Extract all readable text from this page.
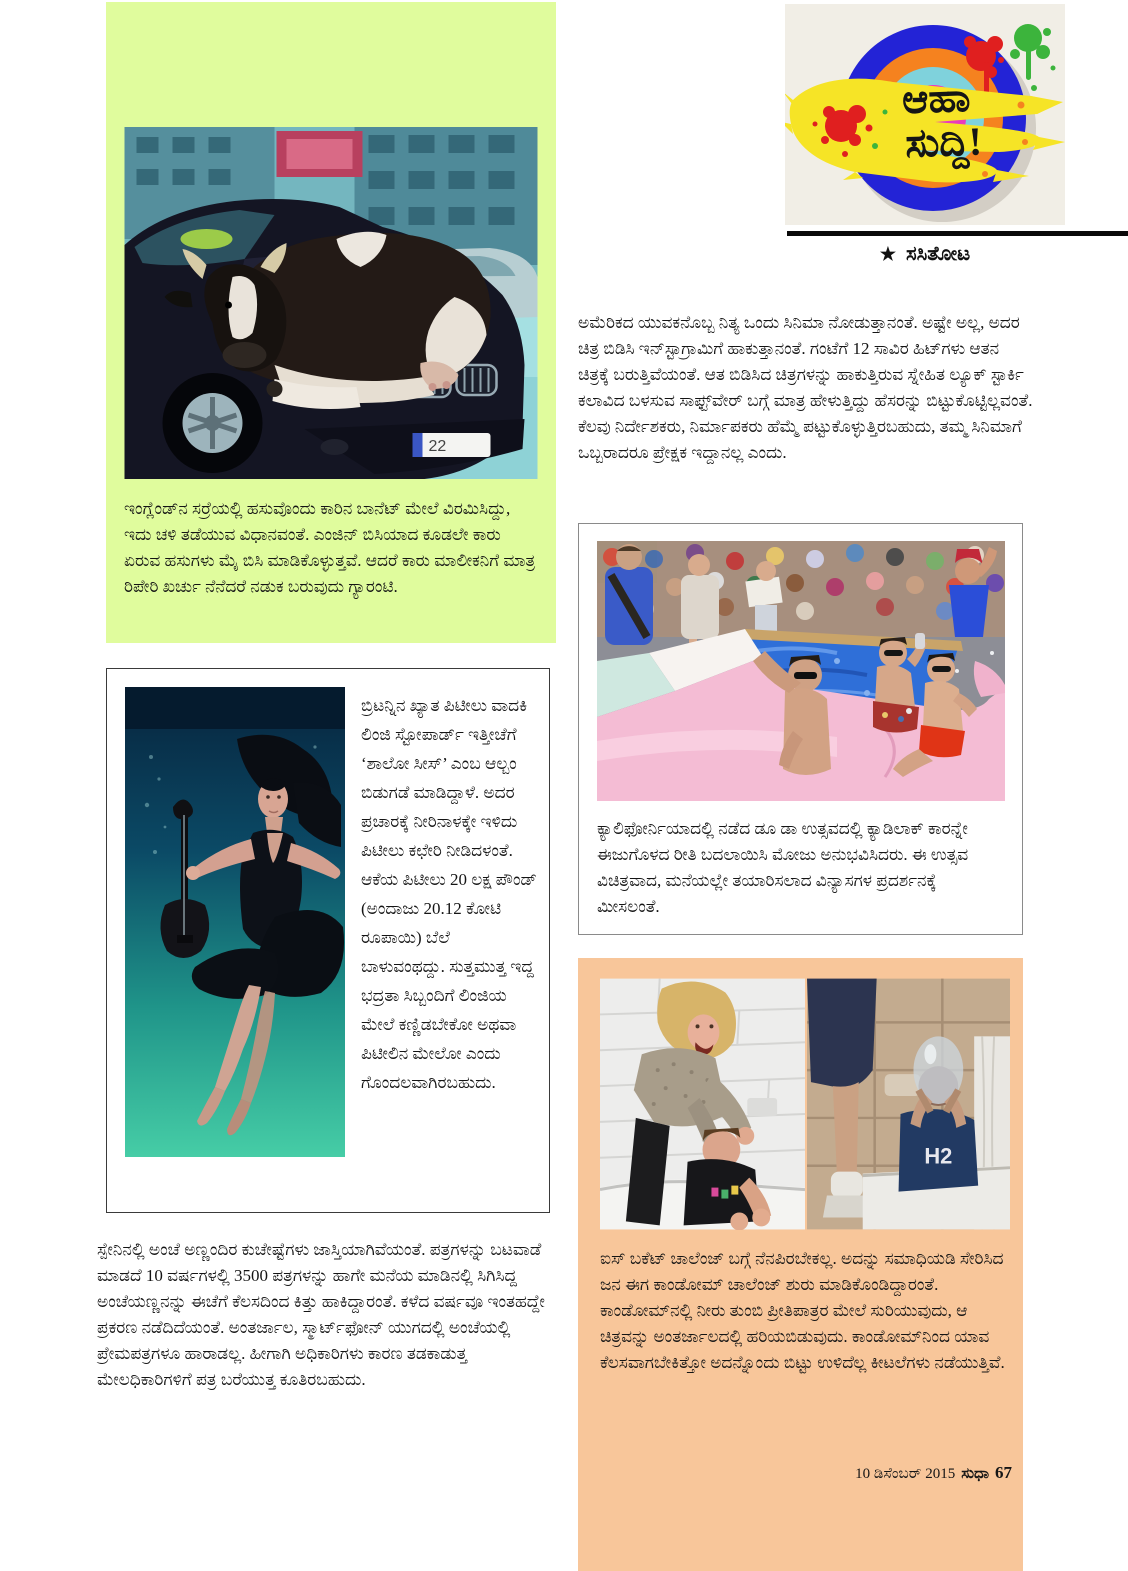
22

ಇಂಗ್ಲೆಂಡ್‌ನ ಸರ್ರೆಯಲ್ಲಿ ಹಸುವೊಂದು ಕಾರಿನ ಬಾನೆಟ್ ಮೇಲೆ ವಿರಮಿಸಿದ್ದು, ಇದು ಚಳಿ ತಡೆಯುವ ವಿಧಾನವಂತೆ. ಎಂಜಿನ್ ಬಿಸಿಯಾದ ಕೂಡಲೇ ಕಾರು ಏರುವ ಹಸುಗಳು ಮೈ ಬಿಸಿ ಮಾಡಿಕೊಳ್ಳುತ್ತವೆ. ಆದರೆ ಕಾರು ಮಾಲೀಕನಿಗೆ ಮಾತ್ರ ರಿಪೇರಿ ಖರ್ಚು ನೆನೆದರೆ ನಡುಕ ಬರುವುದು ಗ್ಯಾರಂಟಿ.

ಬ್ರಿಟನ್ನಿನ ಖ್ಯಾತ ಪಿಟೀಲು ವಾದಕಿ ಲಿಂಜಿ ಸ್ಟೋಪಾರ್ಡ್ ಇತ್ತೀಚೆಗೆ ‘ಶಾಲೋ ಸೀಸ್’ ಎಂಬ ಆಲ್ಬಂ ಬಿಡುಗಡೆ ಮಾಡಿದ್ದಾಳೆ. ಅದರ ಪ್ರಚಾರಕ್ಕೆ ನೀರಿನಾಳಕ್ಕೇ ಇಳಿದು ಪಿಟೀಲು ಕಛೇರಿ ನೀಡಿದಳಂತೆ. ಆಕೆಯ ಪಿಟೀಲು 20 ಲಕ್ಷ ಪೌಂಡ್ (ಅಂದಾಜು 20.12 ಕೋಟಿ ರೂಪಾಯಿ) ಬೆಲೆ ಬಾಳುವಂಥದ್ದು. ಸುತ್ತಮುತ್ತ ಇದ್ದ ಭದ್ರತಾ ಸಿಬ್ಬಂದಿಗೆ ಲಿಂಜಿಯ ಮೇಲೆ ಕಣ್ಣಿಡಬೇಕೋ ಅಥವಾ ಪಿಟೀಲಿನ ಮೇಲೋ ಎಂದು ಗೊಂದಲವಾಗಿರಬಹುದು.

ಸ್ಪೇನಿನಲ್ಲಿ ಅಂಚೆ ಅಣ್ಣಂದಿರ ಕುಚೇಷ್ಟೆಗಳು ಜಾಸ್ತಿಯಾಗಿವೆಯಂತೆ. ಪತ್ರಗಳನ್ನು ಬಟವಾಡೆ ಮಾಡದೆ 10 ವರ್ಷಗಳಲ್ಲಿ 3500 ಪತ್ರಗಳನ್ನು ಹಾಗೇ ಮನೆಯ ಮಾಡಿನಲ್ಲಿ ಸಿಗಿಸಿದ್ದ ಅಂಚೆಯಣ್ಣನನ್ನು ಈಚೆಗೆ ಕೆಲಸದಿಂದ ಕಿತ್ತು ಹಾಕಿದ್ದಾರಂತೆ. ಕಳೆದ ವರ್ಷವೂ ಇಂತಹದ್ದೇ ಪ್ರಕರಣ ನಡೆದಿದೆಯಂತೆ. ಅಂತರ್ಜಾಲ, ಸ್ಮಾರ್ಟ್‌ಫೋನ್ ಯುಗದಲ್ಲಿ ಅಂಚೆಯಲ್ಲಿ ಪ್ರೇಮಪತ್ರಗಳೂ ಹಾರಾಡಲ್ಲ. ಹೀಗಾಗಿ ಅಧಿಕಾರಿಗಳು ಕಾರಣ ತಡಕಾಡುತ್ತ ಮೇಲಧಿಕಾರಿಗಳಿಗೆ ಪತ್ರ ಬರೆಯುತ್ತ ಕೂತಿರಬಹುದು.

ಆಹಾ
ಸುದ್ದಿ!
★ ಸಸಿತೋಟ

ಅಮೆರಿಕದ ಯುವಕನೊಬ್ಬ ನಿತ್ಯ ಒಂದು ಸಿನಿಮಾ ನೋಡುತ್ತಾನಂತೆ. ಅಷ್ಟೇ ಅಲ್ಲ, ಅದರ ಚಿತ್ರ ಬಿಡಿಸಿ ಇನ್‌ಸ್ಟಾಗ್ರಾಮಿಗೆ ಹಾಕುತ್ತಾನಂತೆ. ಗಂಟೆಗೆ 12 ಸಾವಿರ ಹಿಟ್‌ಗಳು ಆತನ ಚಿತ್ರಕ್ಕೆ ಬರುತ್ತಿವೆಯಂತೆ. ಆತ ಬಿಡಿಸಿದ ಚಿತ್ರಗಳನ್ನು ಹಾಕುತ್ತಿರುವ ಸ್ನೇಹಿತ ಲ್ಯೂಕ್ ಸ್ಟಾರ್ಕಿ ಕಲಾವಿದ ಬಳಸುವ ಸಾಫ್ಟ್‌ವೇರ್ ಬಗ್ಗೆ ಮಾತ್ರ ಹೇಳುತ್ತಿದ್ದು ಹೆಸರನ್ನು ಬಿಟ್ಟುಕೊಟ್ಟಿಲ್ಲವಂತೆ. ಕೆಲವು ನಿರ್ದೇಶಕರು, ನಿರ್ಮಾಪಕರು ಹೆಮ್ಮೆ ಪಟ್ಟುಕೊಳ್ಳುತ್ತಿರಬಹುದು, ತಮ್ಮ ಸಿನಿಮಾಗೆ ಒಬ್ಬರಾದರೂ ಪ್ರೇಕ್ಷಕ ಇದ್ದಾನಲ್ಲ ಎಂದು.

ಕ್ಯಾಲಿಫೋರ್ನಿಯಾದಲ್ಲಿ ನಡೆದ ಡೂ ಡಾ ಉತ್ಸವದಲ್ಲಿ ಕ್ಯಾಡಿಲಾಕ್ ಕಾರನ್ನೇ ಈಜುಗೊಳದ ರೀತಿ ಬದಲಾಯಿಸಿ ಮೋಜು ಅನುಭವಿಸಿದರು. ಈ ಉತ್ಸವ ವಿಚಿತ್ರವಾದ, ಮನೆಯಲ್ಲೇ ತಯಾರಿಸಲಾದ ವಿನ್ಯಾಸಗಳ ಪ್ರದರ್ಶನಕ್ಕೆ ಮೀಸಲಂತೆ.

H2

ಐಸ್ ಬಕೆಟ್ ಚಾಲೆಂಜ್ ಬಗ್ಗೆ ನೆನಪಿರಬೇಕಲ್ಲ. ಅದನ್ನು ಸಮಾಧಿಯಡಿ ಸೇರಿಸಿದ ಜನ ಈಗ ಕಾಂಡೋಮ್ ಚಾಲೆಂಜ್ ಶುರು ಮಾಡಿಕೊಂಡಿದ್ದಾರಂತೆ. ಕಾಂಡೋಮ್‌ನಲ್ಲಿ ನೀರು ತುಂಬಿ ಪ್ರೀತಿಪಾತ್ರರ ಮೇಲೆ ಸುರಿಯುವುದು, ಆ ಚಿತ್ರವನ್ನು ಅಂತರ್ಜಾಲದಲ್ಲಿ ಹರಿಯಬಿಡುವುದು. ಕಾಂಡೋಮ್‌ನಿಂದ ಯಾವ ಕೆಲಸವಾಗಬೇಕಿತ್ತೋ ಅದನ್ನೊಂದು ಬಿಟ್ಟು ಉಳಿದೆಲ್ಲ ಕೀಟಲೆಗಳು ನಡೆಯುತ್ತಿವೆ.

10 ಡಿಸೆಂಬರ್ 2015 ಸುಧಾ 67
